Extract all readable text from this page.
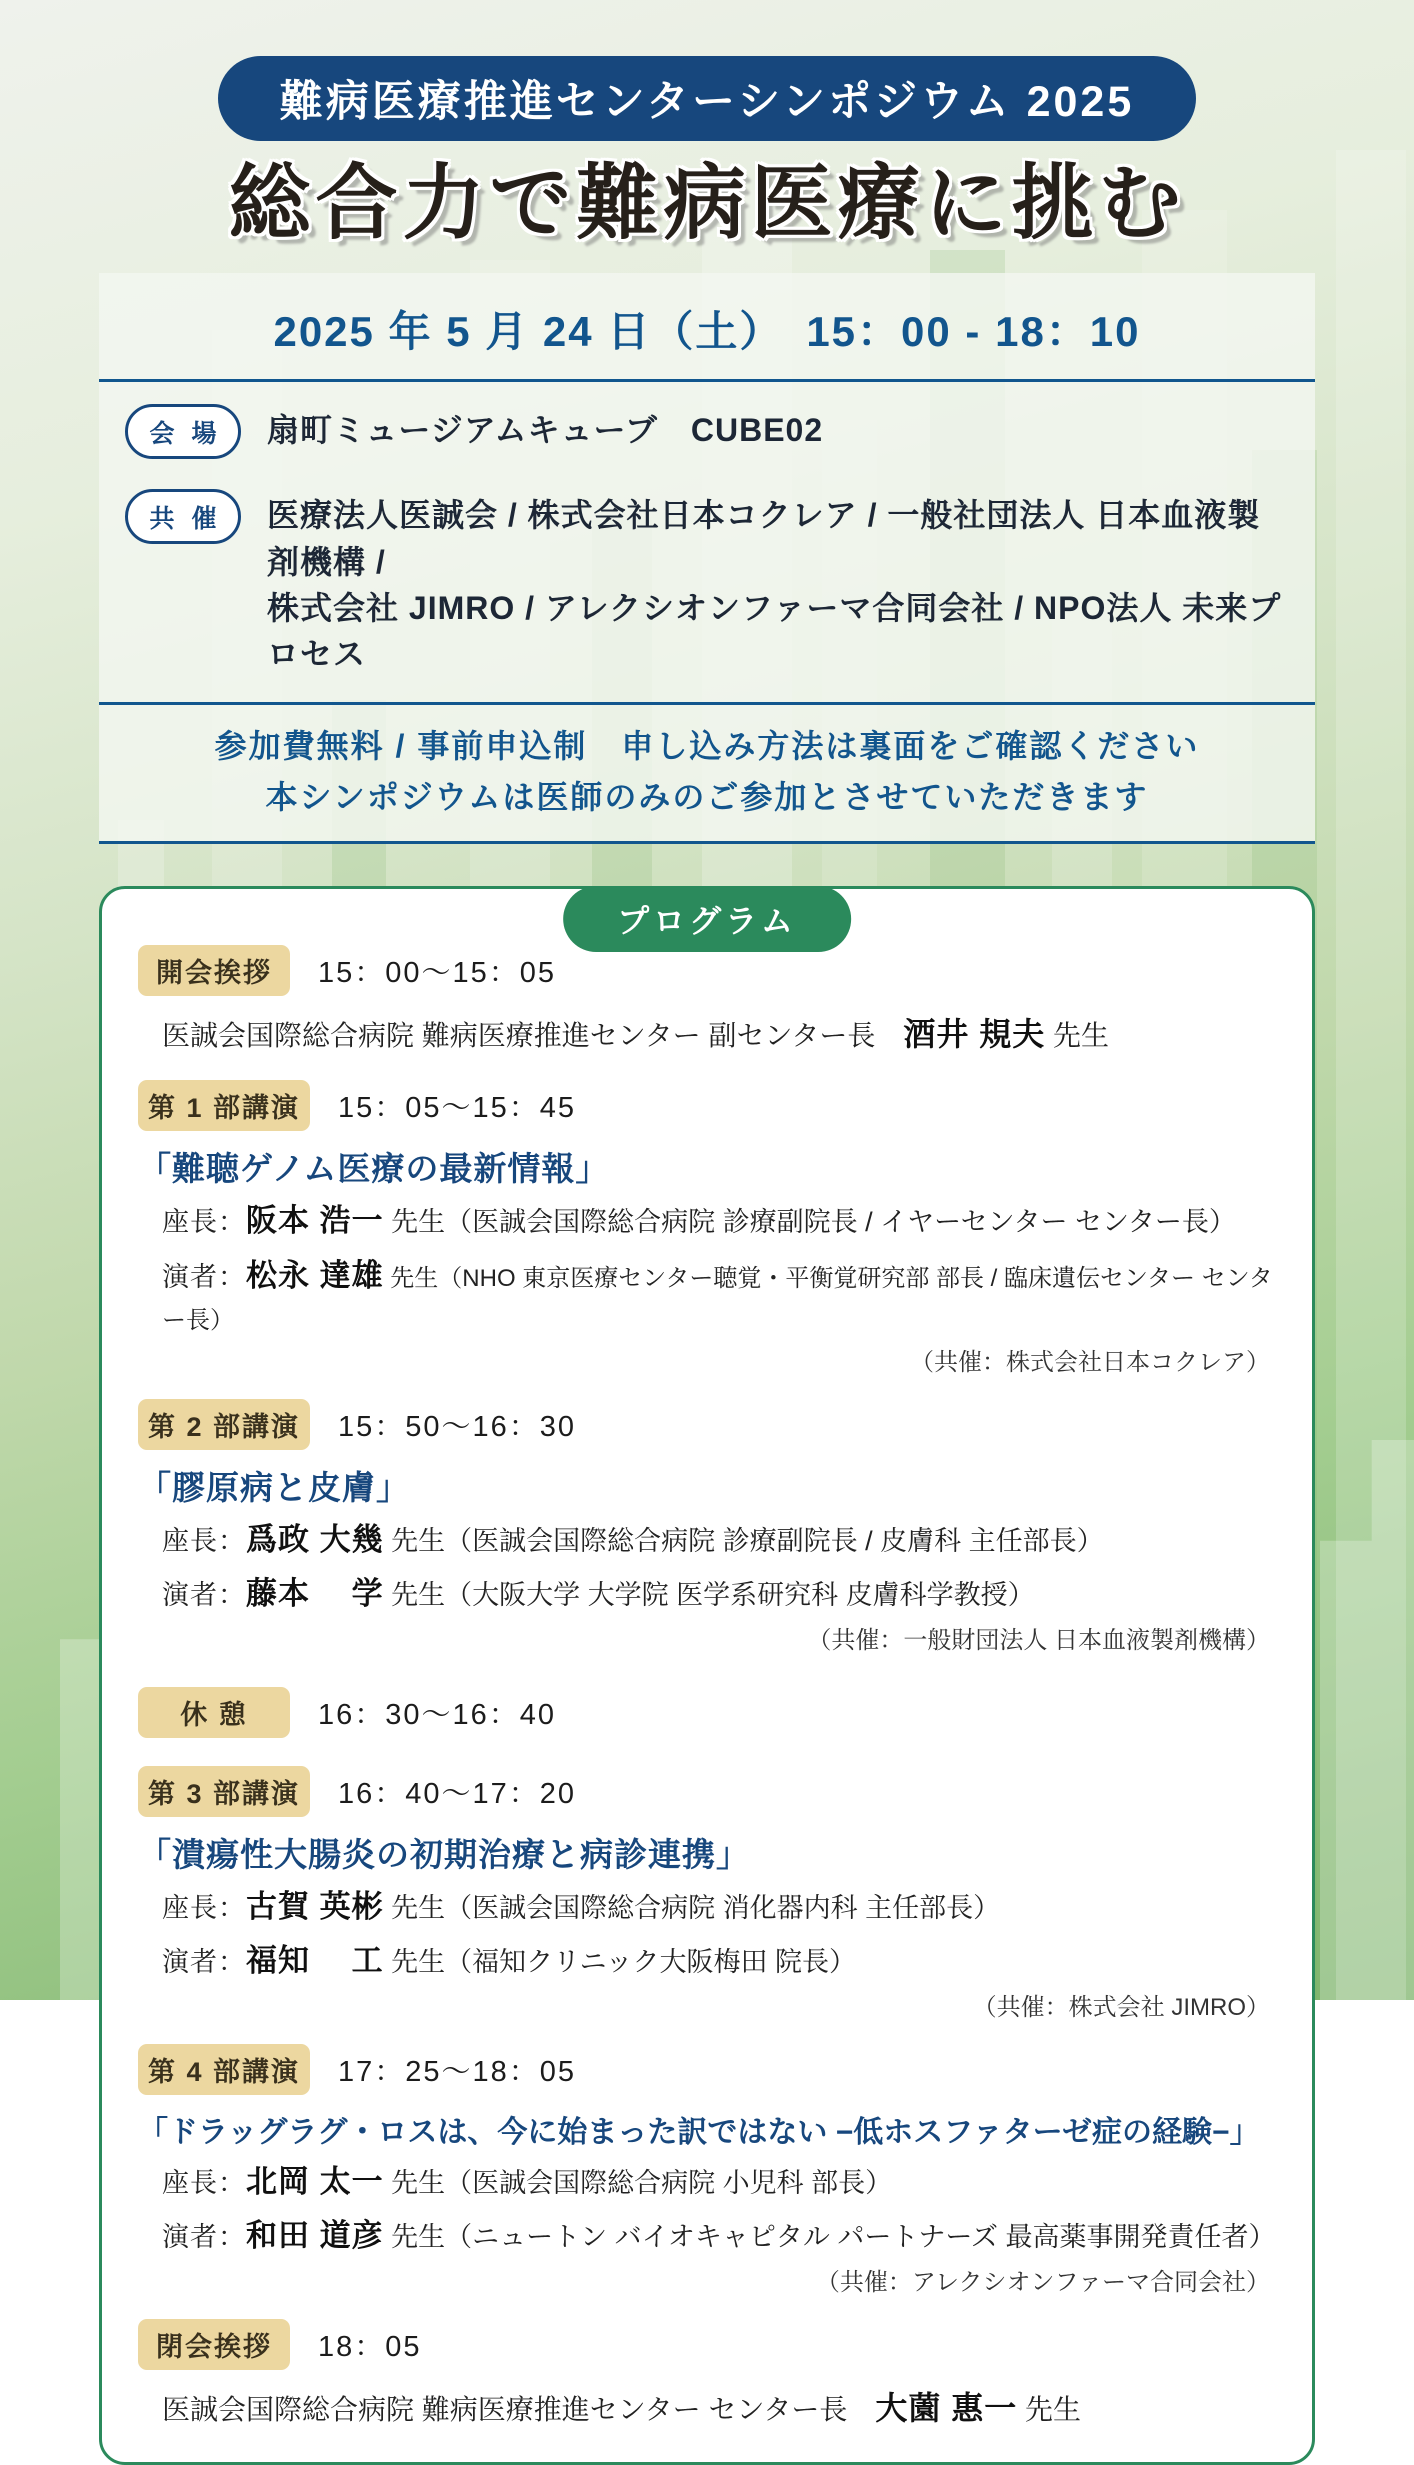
難病医療推進センターシンポジウム 2025
総合力で難病医療に挑む
2025 年 5 月 24 日（土）　15：00 - 18：10
会 場	扇町ミュージアムキューブ　CUBE02
共 催	医療法人医誠会 / 株式会社日本コクレア / 一般社団法人 日本血液製剤機構 /
株式会社 JIMRO / アレクシオンファーマ合同会社 / NPO法人 未来プロセス
参加費無料 / 事前申込制　申し込み方法は裏面をご確認ください
本シンポジウムは医師のみのご参加とさせていただきます
プログラム
開会挨拶	15：00～15：05
医誠会国際総合病院 難病医療推進センター 副センター長　酒井 規夫 先生
第 1 部講演	15：05～15：45
「難聴ゲノム医療の最新情報」
座長：阪本 浩一 先生（医誠会国際総合病院 診療副院長 / イヤーセンター センター長）
演者：松永 達雄 先生（NHO 東京医療センター聴覚・平衡覚研究部 部長 / 臨床遺伝センター センター長）
（共催：株式会社日本コクレア）
第 2 部講演	15：50～16：30
「膠原病と皮膚」
座長：爲政 大幾 先生（医誠会国際総合病院 診療副院長 / 皮膚科 主任部長）
演者：藤本　 学 先生（大阪大学 大学院 医学系研究科 皮膚科学教授）
（共催：一般財団法人 日本血液製剤機構）
休 憩	16：30～16：40
第 3 部講演	16：40～17：20
「潰瘍性大腸炎の初期治療と病診連携」
座長：古賀 英彬 先生（医誠会国際総合病院 消化器内科 主任部長）
演者：福知　 工 先生（福知クリニック大阪梅田 院長）
（共催：株式会社 JIMRO）
第 4 部講演	17：25～18：05
「ドラッグラグ・ロスは、今に始まった訳ではない −低ホスファターゼ症の経験−」
座長：北岡 太一 先生（医誠会国際総合病院 小児科 部長）
演者：和田 道彦 先生（ニュートン バイオキャピタル パートナーズ 最高薬事開発責任者）
（共催：アレクシオンファーマ合同会社）
閉会挨拶	18：05
医誠会国際総合病院 難病医療推進センター センター長　大薗 惠一 先生
